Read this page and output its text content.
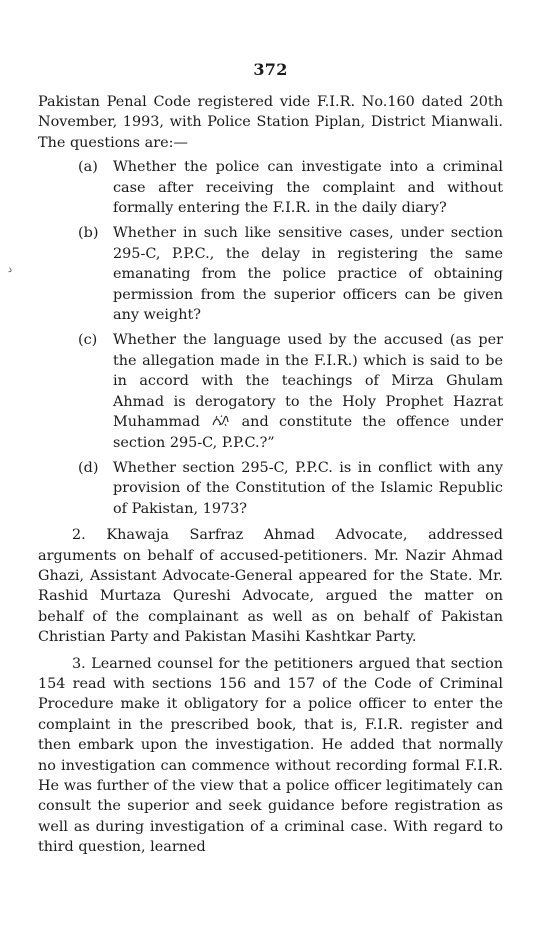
372
ذ

Pakistan Penal Code registered vide F.I.R. No.160 dated 20th November, 1993, with Police Station Piplan, District Mianwali. The questions are:—

(a)	Whether the police can investigate into a criminal case after receiving the complaint and without formally entering the F.I.R. in the daily diary?
(b)	Whether in such like sensitive cases, under section 295-C, P.P.C., the delay in registering the same emanating from the police practice of obtaining permission from the superior officers can be given any weight?
(c)	Whether the language used by the accused (as per the allegation made in the F.I.R.) which is said to be in accord with the teachings of Mirza Ghulam Ahmad is derogatory to the Holy Prophet Hazrat Muhammad	and constitute the offence under section 295-C, P.P.C.?”
(d)	Whether section 295-C, P.P.C. is in conflict with any provision of the Constitution of the Islamic Republic of Pakistan, 1973?

2. Khawaja Sarfraz Ahmad Advocate, addressed arguments on behalf of accused-petitioners. Mr. Nazir Ahmad Ghazi, Assistant Advocate-General appeared for the State. Mr. Rashid Murtaza Qureshi Advocate, argued the matter on behalf of the complainant as well as on behalf of Pakistan Christian Party and Pakistan Masihi Kashtkar Party.

3. Learned counsel for the petitioners argued that section 154 read with sections 156 and 157 of the Code of Criminal Procedure make it obligatory for a police officer to enter the complaint in the prescribed book, that is, F.I.R. register and then embark upon the investigation. He added that normally no investigation can commence without recording formal F.I.R. He was further of the view that a police officer legitimately can consult the superior and seek guidance before registration as well as during investigation of a criminal case. With regard to third question, learned
